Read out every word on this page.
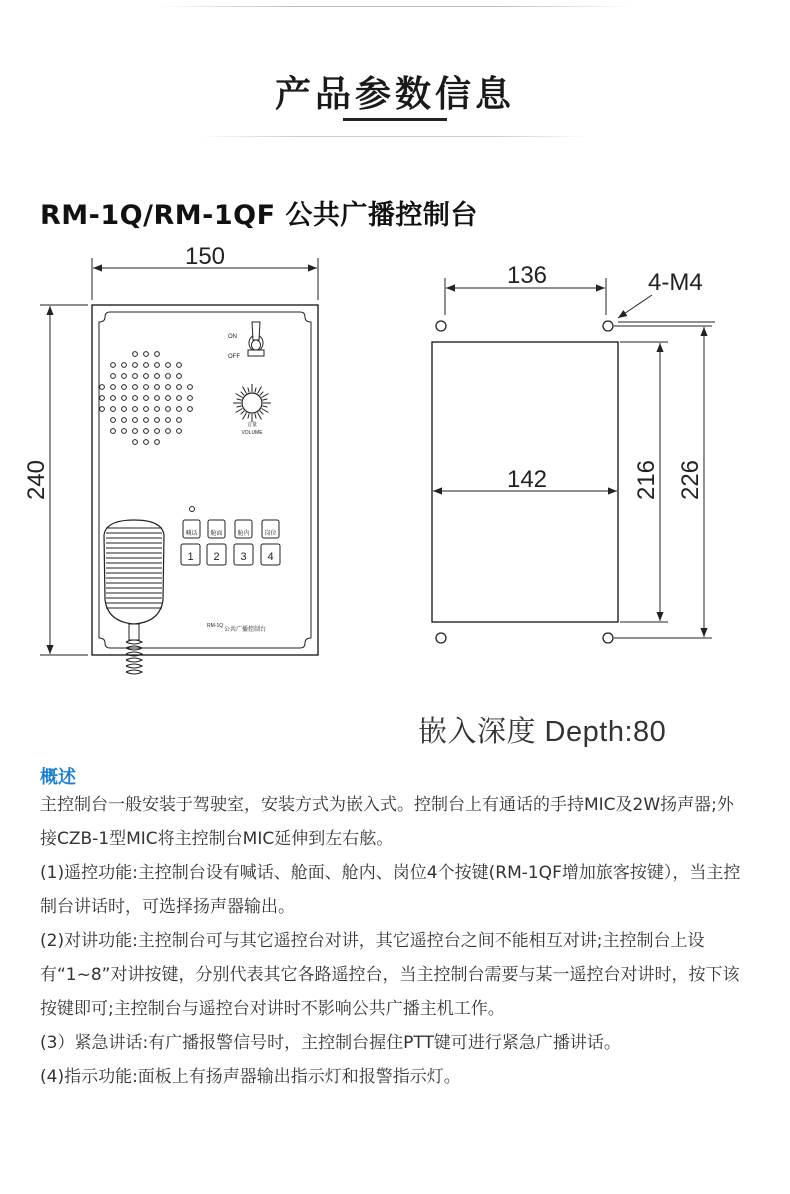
产品参数信息
RM-1Q/RM-1QF 公共广播控制台
150
240
ON
OFF
音量
VOLUME
喊话 舱面 舱内 岗位
1 2 3 4
RM-1Q
公共广播控制台
136	4-M4
142	216 226
嵌入深度 Depth:80
概述

主控制台一般安装于驾驶室，安装方式为嵌入式。控制台上有通话的手持MIC及2W扬声器;外接CZB-1型MIC将主控制台MIC延伸到左右舷。

(1)遥控功能:主控制台设有喊话、舱面、舱内、岗位4个按键(RM-1QF增加旅客按键），当主控制台讲话时，可选择扬声器输出。

(2)对讲功能:主控制台可与其它遥控台对讲，其它遥控台之间不能相互对讲;主控制台上设有“1~8”对讲按键，分别代表其它各路遥控台，当主控制台需要与某一遥控台对讲时，按下该按键即可;主控制台与遥控台对讲时不影响公共广播主机工作。

(3）紧急讲话:有广播报警信号时，主控制台握住PTT键可进行紧急广播讲话。

(4)指示功能:面板上有扬声器输出指示灯和报警指示灯。
